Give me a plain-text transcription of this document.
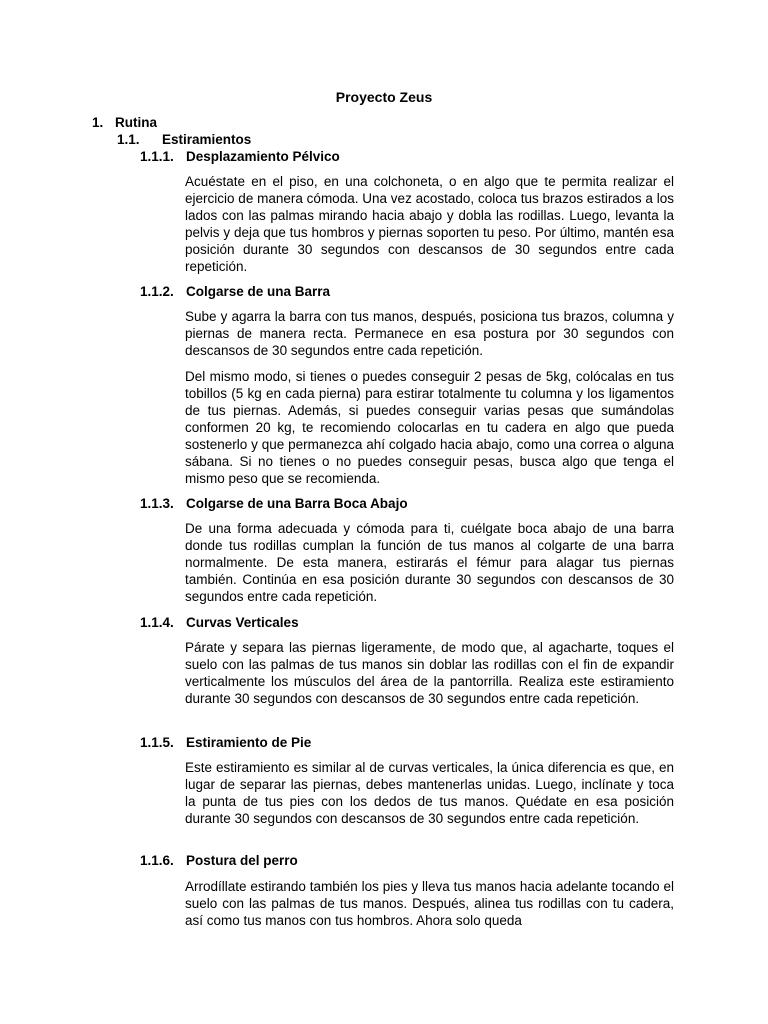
Proyecto Zeus
1. Rutina
1.1. Estiramientos
1.1.1. Desplazamiento Pélvico

Acuéstate en el piso, en una colchoneta, o en algo que te permita realizar el ejercicio de manera cómoda. Una vez acostado, coloca tus brazos estirados a los lados con las palmas mirando hacia abajo y dobla las rodillas. Luego, levanta la pelvis y deja que tus hombros y piernas soporten tu peso. Por último, mantén esa posición durante 30 segundos con descansos de 30 segundos entre cada repetición.

1.1.2. Colgarse de una Barra

Sube y agarra la barra con tus manos, después, posiciona tus brazos, columna y piernas de manera recta. Permanece en esa postura por 30 segundos con descansos de 30 segundos entre cada repetición.

Del mismo modo, si tienes o puedes conseguir 2 pesas de 5kg, colócalas en tus tobillos (5 kg en cada pierna) para estirar totalmente tu columna y los ligamentos de tus piernas. Además, si puedes conseguir varias pesas que sumándolas conformen 20 kg, te recomiendo colocarlas en tu cadera en algo que pueda sostenerlo y que permanezca ahí colgado hacia abajo, como una correa o alguna sábana. Si no tienes o no puedes conseguir pesas, busca algo que tenga el mismo peso que se recomienda.

1.1.3. Colgarse de una Barra Boca Abajo

De una forma adecuada y cómoda para ti, cuélgate boca abajo de una barra donde tus rodillas cumplan la función de tus manos al colgarte de una barra normalmente. De esta manera, estirarás el fémur para alagar tus piernas también. Continúa en esa posición durante 30 segundos con descansos de 30 segundos entre cada repetición.

1.1.4. Curvas Verticales

Párate y separa las piernas ligeramente, de modo que, al agacharte, toques el suelo con las palmas de tus manos sin doblar las rodillas con el fin de expandir verticalmente los músculos del área de la pantorrilla. Realiza este estiramiento durante 30 segundos con descansos de 30 segundos entre cada repetición.

1.1.5. Estiramiento de Pie

Este estiramiento es similar al de curvas verticales, la única diferencia es que, en lugar de separar las piernas, debes mantenerlas unidas. Luego, inclínate y toca la punta de tus pies con los dedos de tus manos. Quédate en esa posición durante 30 segundos con descansos de 30 segundos entre cada repetición.

1.1.6. Postura del perro

Arrodíllate estirando también los pies y lleva tus manos hacia adelante tocando el suelo con las palmas de tus manos. Después, alinea tus rodillas con tu cadera, así como tus manos con tus hombros. Ahora solo queda
